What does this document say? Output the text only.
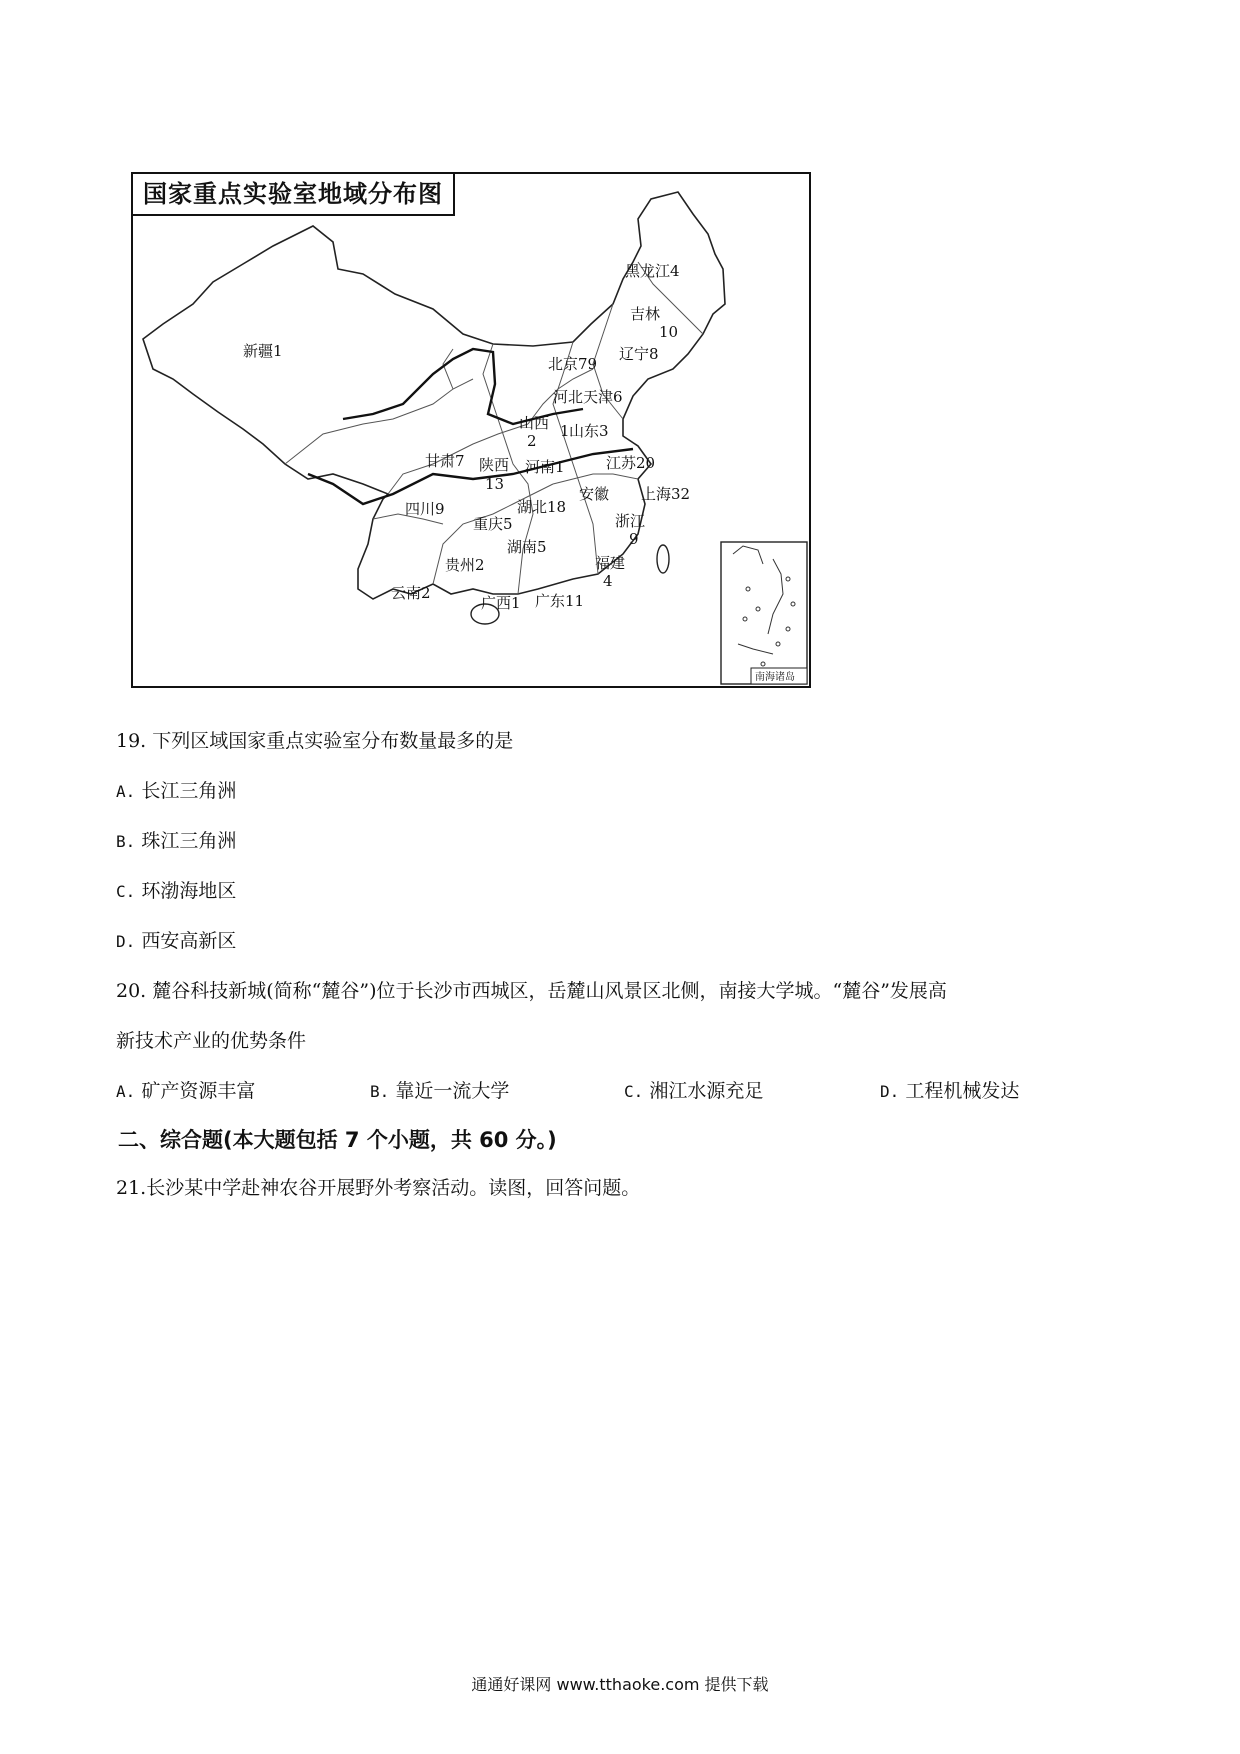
南海诸岛
黑龙江4
吉林
10
辽宁8
新疆1
北京79
河北天津6
山西
2
1 山东3
甘肃7 陕西
13
河南1	江苏20
安徽 上海32
四川9
重庆5
湖北18
浙江
9
贵州2
湖南5
福建
4
云南2
广西1 广东11
国家重点实验室地域分布图
19. 下列区域国家重点实验室分布数量最多的是
A. 长江三角洲
B. 珠江三角洲
C. 环渤海地区
D. 西安高新区
20. 麓谷科技新城(简称“麓谷”)位于长沙市西城区，岳麓山风景区北侧，南接大学城。“麓谷”发展高
新技术产业的优势条件
A. 矿产资源丰富	B. 靠近一流大学	C. 湘江水源充足	D. 工程机械发达
二、综合题(本大题包括 7 个小题，共 60 分。)
21.长沙某中学赴神农谷开展野外考察活动。读图，回答问题。
通通好课网 www.tthaoke.com 提供下载
